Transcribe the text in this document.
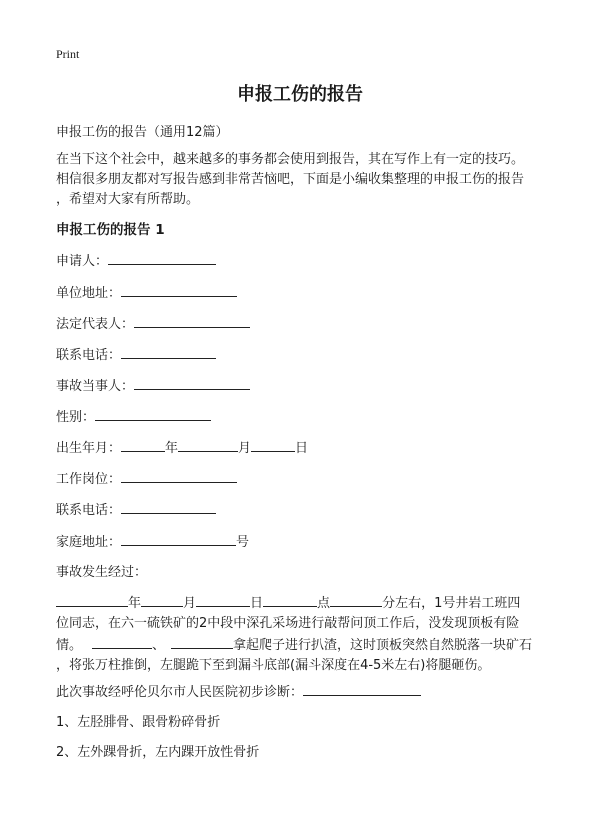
Print
申报工伤的报告
申报工伤的报告（通用12篇）
在当下这个社会中，越来越多的事务都会使用到报告，其在写作上有一定的技巧。
相信很多朋友都对写报告感到非常苦恼吧，下面是小编收集整理的申报工伤的报告
，希望对大家有所帮助。
申报工伤的报告 1
申请人：
单位地址：
法定代表人：
联系电话：
事故当事人：
性别：
出生年月：	年	月	日
工作岗位：
联系电话：
家庭地址：	号
事故发生经过：
年	月	日	点	分左右，1号井岩工班四
位同志，在六一硫铁矿的2中段中深孔采场进行敲帮问顶工作后，没发现顶板有险
情。	、	拿起爬子进行扒渣，这时顶板突然自然脱落一块矿石
，将张万柱推倒，左腿跪下至到漏斗底部(漏斗深度在4-5米左右)将腿砸伤。
此次事故经呼伦贝尔市人民医院初步诊断：
1、左胫腓骨、跟骨粉碎骨折
2、左外踝骨折，左内踝开放性骨折
